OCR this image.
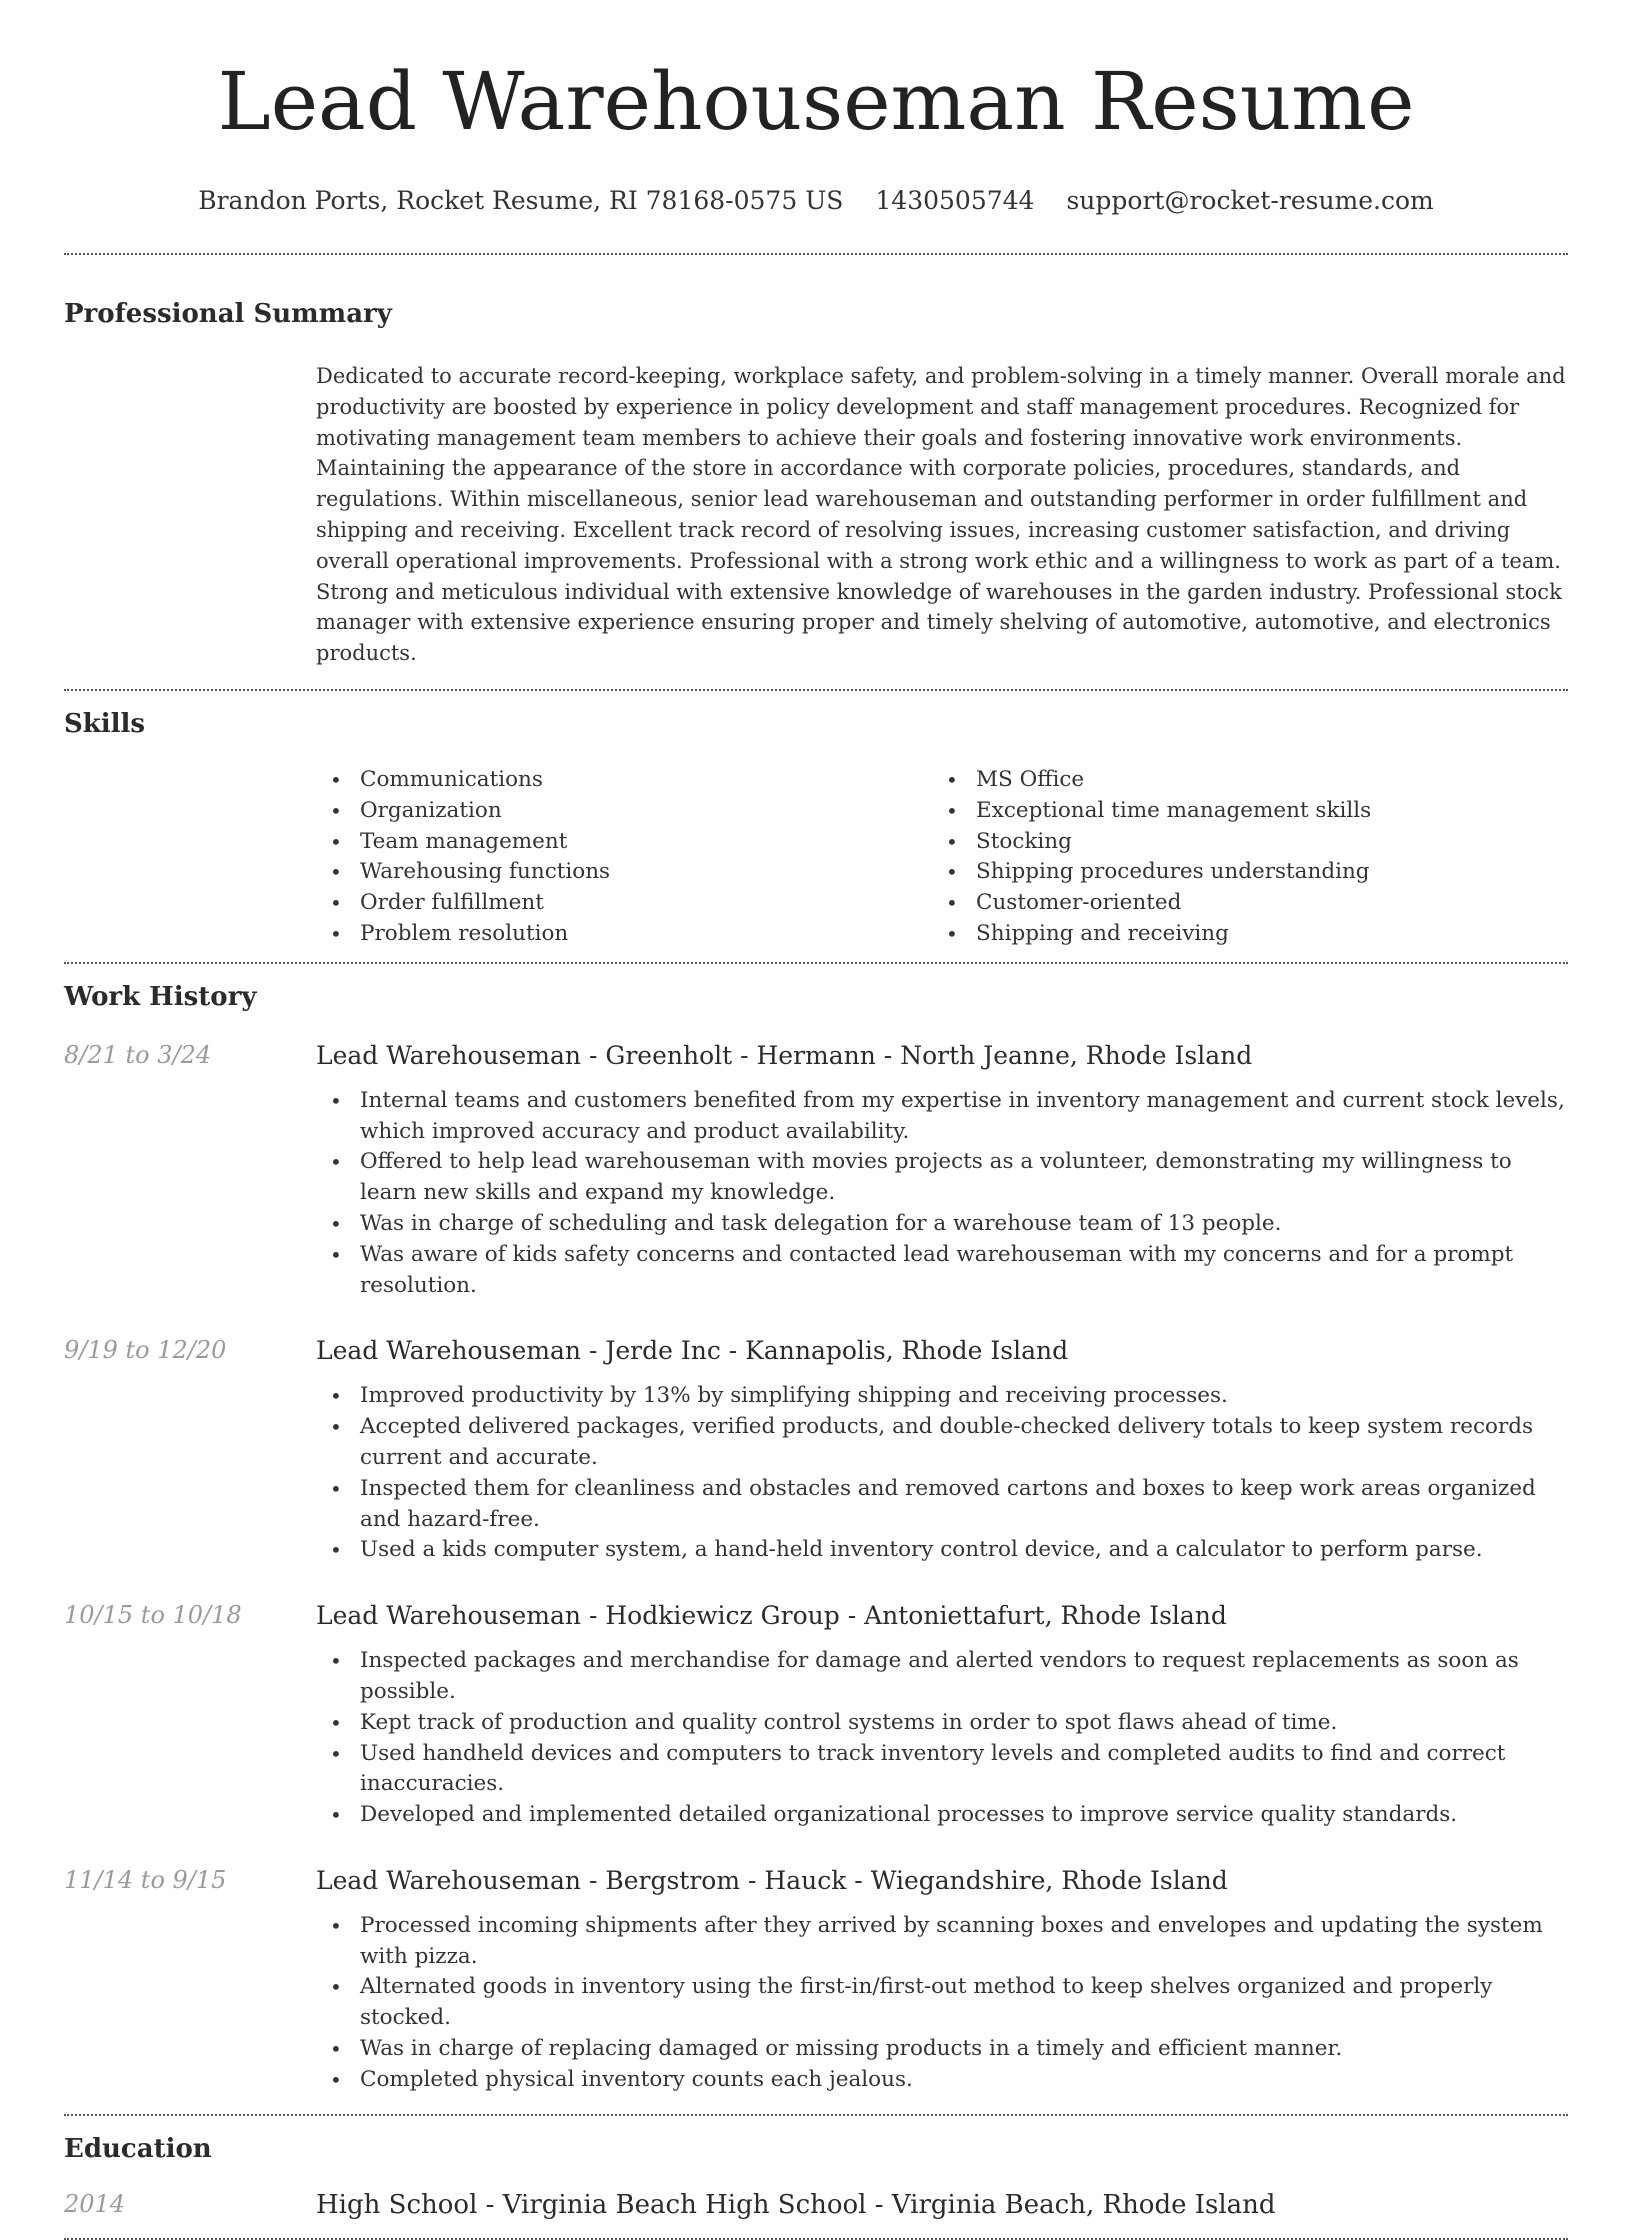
Lead Warehouseman Resume
Brandon Ports, Rocket Resume, RI 78168-0575 US 1430505744 support@rocket-resume.com
Professional Summary

Dedicated to accurate record-keeping, workplace safety, and problem-solving in a timely manner. Overall morale and productivity are boosted by experience in policy development and staff management procedures. Recognized for motivating management team members to achieve their goals and fostering innovative work environments. Maintaining the appearance of the store in accordance with corporate policies, procedures, standards, and regulations. Within miscellaneous, senior lead warehouseman and outstanding performer in order fulfillment and shipping and receiving. Excellent track record of resolving issues, increasing customer satisfaction, and driving overall operational improvements. Professional with a strong work ethic and a willingness to work as part of a team. Strong and meticulous individual with extensive knowledge of warehouses in the garden industry. Professional stock manager with extensive experience ensuring proper and timely shelving of automotive, automotive, and electronics products.

Skills
• Communications
• Organization
• Team management
• Warehousing functions
• Order fulfillment
• Problem resolution
• MS Office
• Exceptional time management skills
• Stocking
• Shipping procedures understanding
• Customer-oriented
• Shipping and receiving
Work History
8/21 to 3/24	Lead Warehouseman - Greenholt - Hermann - North Jeanne, Rhode Island
• Internal teams and customers benefited from my expertise in inventory management and current stock levels, which improved accuracy and product availability.
• Offered to help lead warehouseman with movies projects as a volunteer, demonstrating my willingness to learn new skills and expand my knowledge.
• Was in charge of scheduling and task delegation for a warehouse team of 13 people.
• Was aware of kids safety concerns and contacted lead warehouseman with my concerns and for a prompt resolution.
9/19 to 12/20	Lead Warehouseman - Jerde Inc - Kannapolis, Rhode Island
• Improved productivity by 13% by simplifying shipping and receiving processes.
• Accepted delivered packages, verified products, and double-checked delivery totals to keep system records current and accurate.
• Inspected them for cleanliness and obstacles and removed cartons and boxes to keep work areas organized and hazard-free.
• Used a kids computer system, a hand-held inventory control device, and a calculator to perform parse.
10/15 to 10/18	Lead Warehouseman - Hodkiewicz Group - Antoniettafurt, Rhode Island
• Inspected packages and merchandise for damage and alerted vendors to request replacements as soon as possible.
• Kept track of production and quality control systems in order to spot flaws ahead of time.
• Used handheld devices and computers to track inventory levels and completed audits to find and correct inaccuracies.
• Developed and implemented detailed organizational processes to improve service quality standards.
11/14 to 9/15	Lead Warehouseman - Bergstrom - Hauck - Wiegandshire, Rhode Island
• Processed incoming shipments after they arrived by scanning boxes and envelopes and updating the system with pizza.
• Alternated goods in inventory using the first-in/first-out method to keep shelves organized and properly stocked.
• Was in charge of replacing damaged or missing products in a timely and efficient manner.
• Completed physical inventory counts each jealous.
Education
2014	High School - Virginia Beach High School - Virginia Beach, Rhode Island
